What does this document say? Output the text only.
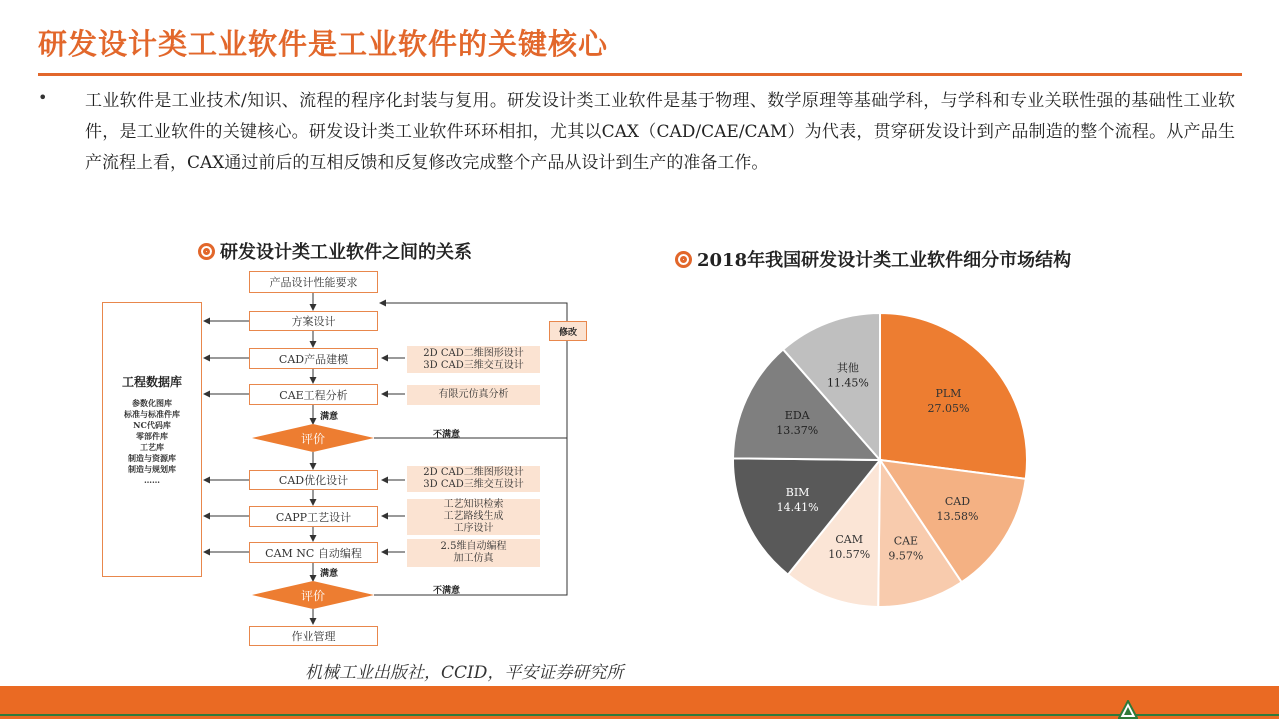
研发设计类工业软件是工业软件的关键核心
• 工业软件是工业技术/知识、流程的程序化封装与复用。研发设计类工业软件是基于物理、数学原理等基础学科，与学科和专业关联性强的基础性工业软件，是工业软件的关键核心。研发设计类工业软件环环相扣，尤其以CAX（CAD/CAE/CAM）为代表，贯穿研发设计到产品制造的整个流程。从产品生产流程上看，CAX通过前后的互相反馈和反复修改完成整个产品从设计到生产的准备工作。
研发设计类工业软件之间的关系	2018年我国研发设计类工业软件细分市场结构
评价
评价
产品设计性能要求
方案设计
CAD产品建模
CAE工程分析
CAD优化设计
CAPP工艺设计
CAM NC 自动编程
作业管理
2D CAD二维图形设计
3D CAD三维交互设计
有限元仿真分析
2D CAD二维图形设计
3D CAD三维交互设计
工艺知识检索
工艺路线生成
工序设计
2.5维自动编程
加工仿真
满意
不满意
满意
不满意
修改
工程数据库
参数化图库
标准与标准件库
NC代码库
零部件库
工艺库
制造与资源库
制造与规划库
……
PLM
27.05%
CAD
13.58%
CAE
9.57%
CAM
10.57%
BIM
14.41%
EDA
13.37%
其他
11.45%
机械工业出版社，CCID，平安证券研究所
